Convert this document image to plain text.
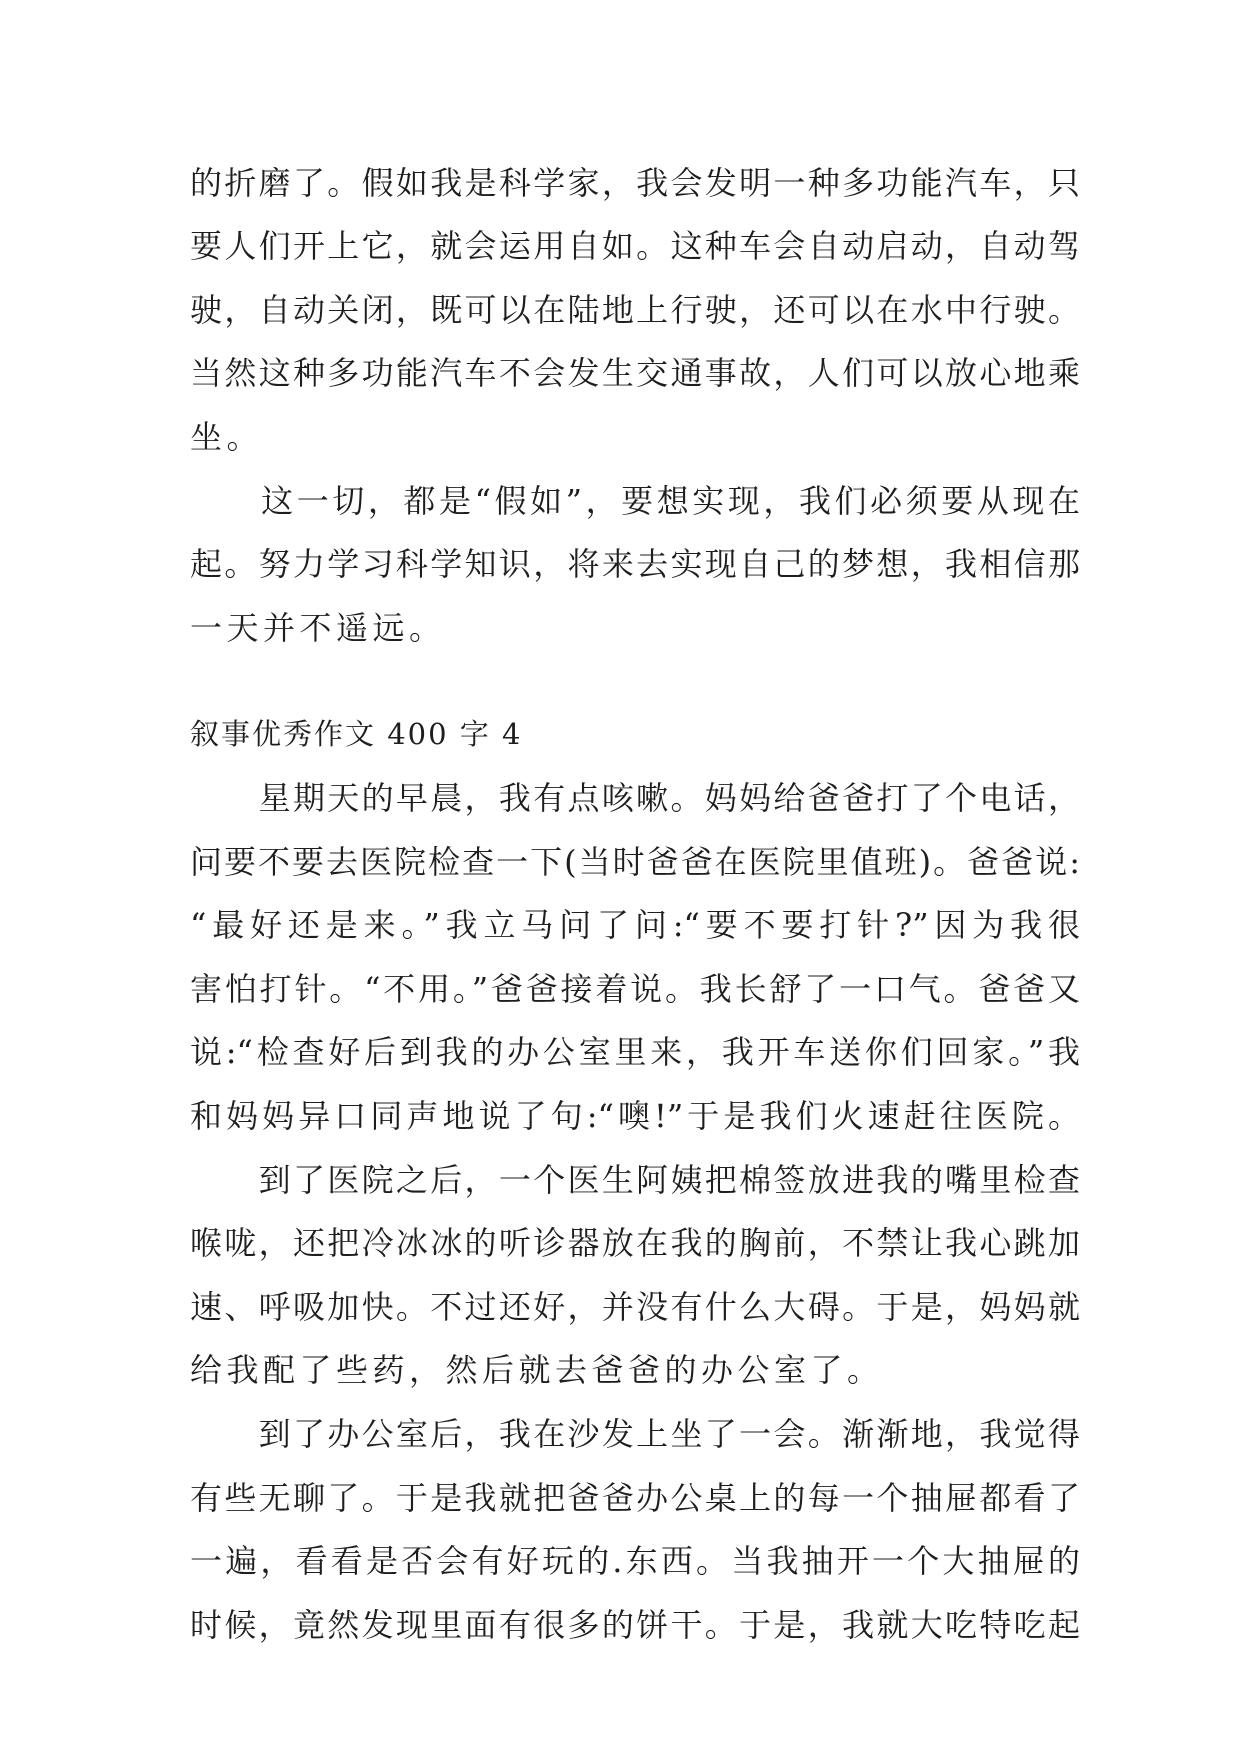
的折磨了。假如我是科学家，我会发明一种多功能汽车，只
要人们开上它，就会运用自如。这种车会自动启动，自动驾
驶，自动关闭，既可以在陆地上行驶，还可以在水中行驶。
当然这种多功能汽车不会发生交通事故，人们可以放心地乘
坐。
　　这一切，都是“假如”，要想实现，我们必须要从现在
起。努力学习科学知识，将来去实现自己的梦想，我相信那
一天并不遥远。
叙事优秀作文 400 字 4
　　星期天的早晨，我有点咳嗽。妈妈给爸爸打了个电话，
问要不要去医院检查一下(当时爸爸在医院里值班)。爸爸说:
“最好还是来。”我立马问了问:“要不要打针?”因为我很
害怕打针。“不用。”爸爸接着说。我长舒了一口气。爸爸又
说:“检查好后到我的办公室里来，我开车送你们回家。”我
和妈妈异口同声地说了句:“噢!”于是我们火速赶往医院。
　　到了医院之后，一个医生阿姨把棉签放进我的嘴里检查
喉咙，还把冷冰冰的听诊器放在我的胸前，不禁让我心跳加
速、呼吸加快。不过还好，并没有什么大碍。于是，妈妈就
给我配了些药，然后就去爸爸的办公室了。
　　到了办公室后，我在沙发上坐了一会。渐渐地，我觉得
有些无聊了。于是我就把爸爸办公桌上的每一个抽屉都看了
一遍，看看是否会有好玩的.东西。当我抽开一个大抽屉的
时候，竟然发现里面有很多的饼干。于是，我就大吃特吃起
